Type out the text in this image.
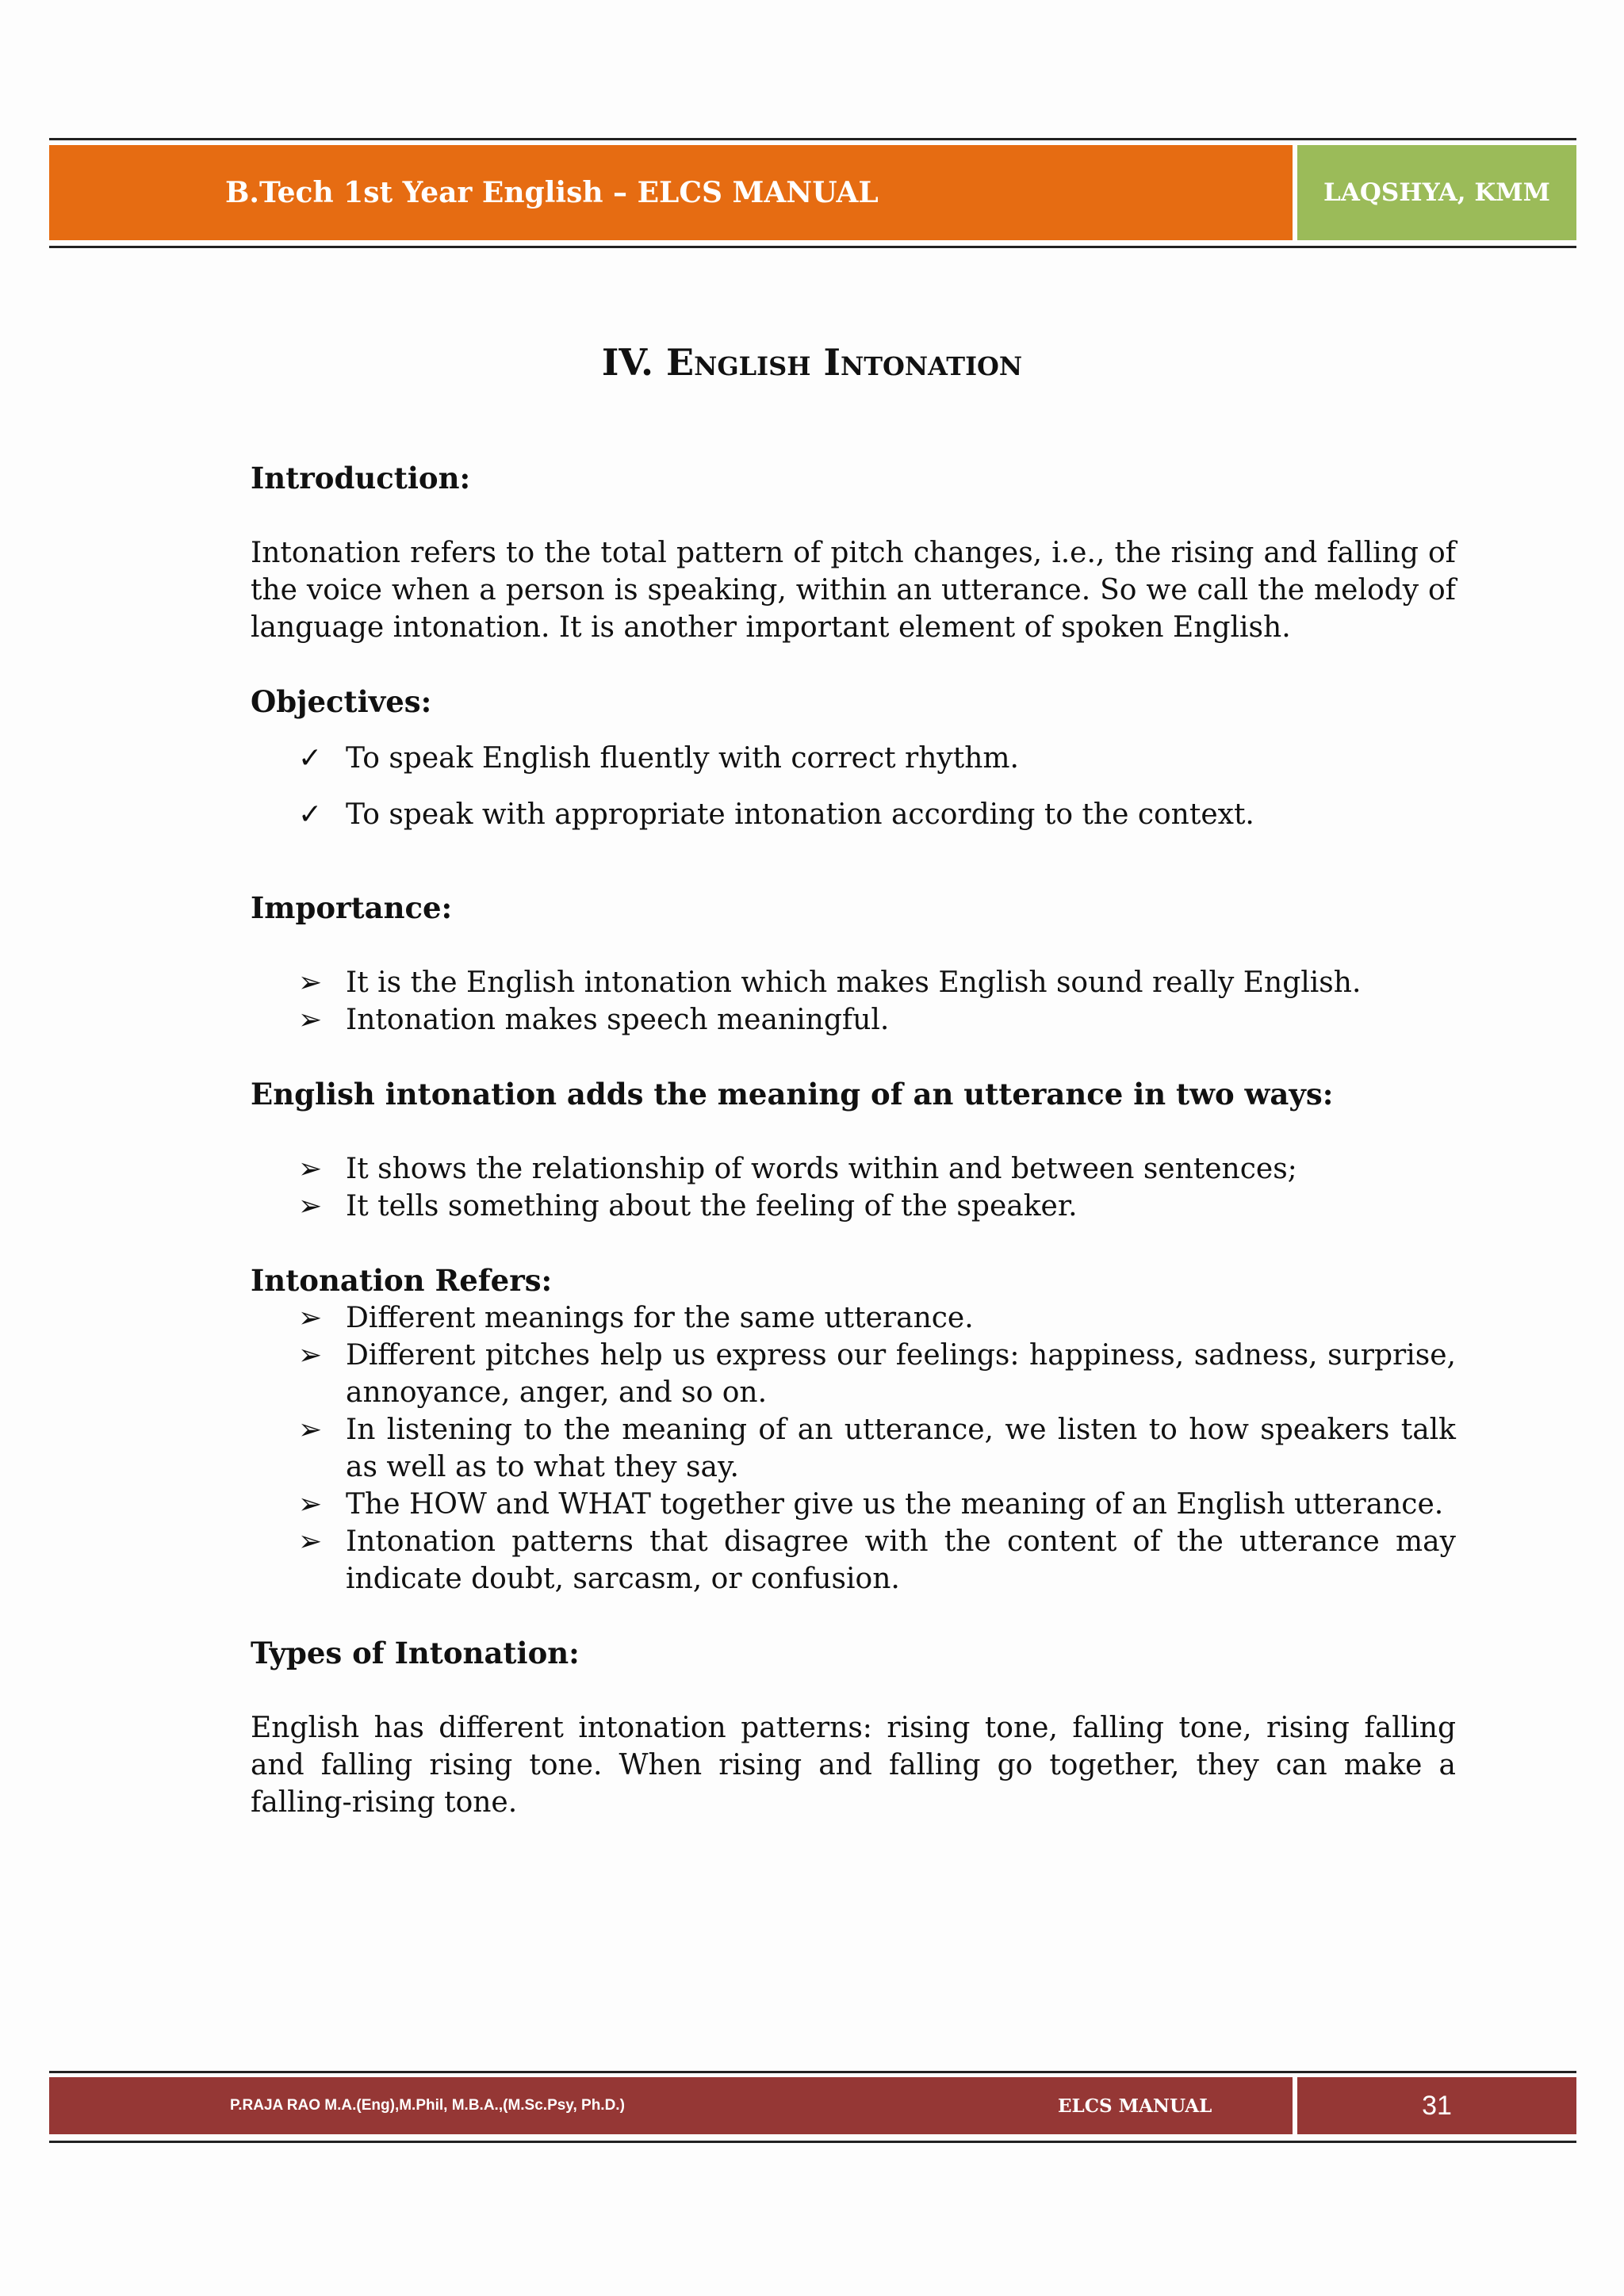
B.Tech 1st Year English – ELCS MANUAL	LAQSHYA, KMM
IV. English Intonation
Introduction:

Intonation refers to the total pattern of pitch changes, i.e., the rising and falling of the voice when a person is speaking, within an utterance. So we call the melody of language intonation. It is another important element of spoken English.

Objectives:
✓ To speak English fluently with correct rhythm.
✓ To speak with appropriate intonation according to the context.
Importance:
➢ It is the English intonation which makes English sound really English.
➢ Intonation makes speech meaningful.
English intonation adds the meaning of an utterance in two ways:
➢ It shows the relationship of words within and between sentences;
➢ It tells something about the feeling of the speaker.
Intonation Refers:
➢ Different meanings for the same utterance.
➢ Different pitches help us express our feelings: happiness, sadness, surprise, annoyance, anger, and so on.
➢ In listening to the meaning of an utterance, we listen to how speakers talk as well as to what they say.
➢ The HOW and WHAT together give us the meaning of an English utterance.
➢ Intonation patterns that disagree with the content of the utterance may indicate doubt, sarcasm, or confusion.
Types of Intonation:

English has different intonation patterns: rising tone, falling tone, rising falling and falling rising tone. When rising and falling go together, they can make a falling-rising tone.

P.RAJA RAO M.A.(Eng),M.Phil, M.B.A.,(M.Sc.Psy, Ph.D.)	ELCS MANUAL	31
